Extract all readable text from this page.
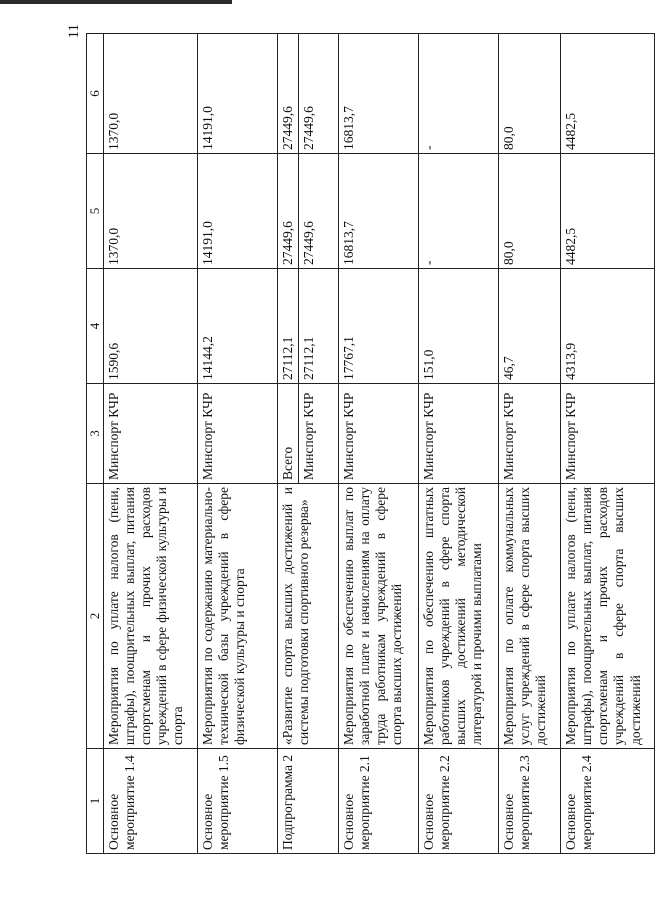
11
1	2	3	4	5	6
Основное мероприятие 1.4	Мероприятия по уплате налогов (пени, штрафы), поощрительных выплат, питания спортсменам и прочих расходов учреждений в сфере физической культуры и спорта	Минспорт КЧР	1590,6	1370,0	1370,0
Основное мероприятие 1.5	Мероприятия по содержанию материально-технической базы учреждений в сфере физической культуры и спорта	Минспорт КЧР	14144,2	14191,0	14191,0
Подпрограмма 2	«Развитие спорта высших достижений и системы подготовки спортивного резерва»	Всего	27112,1	27449,6	27449,6
		Минспорт КЧР	27112,1	27449,6	27449,6
Основное мероприятие 2.1	Мероприятия по обеспечению выплат по заработной плате и начислениям на оплату труда работникам учреждений в сфере спорта высших достижений	Минспорт КЧР	17767,1	16813,7	16813,7
Основное мероприятие 2.2	Мероприятия по обеспечению штатных работников учреждений в сфере спорта высших достижений методической литературой и прочими выплатами	Минспорт КЧР	151,0	-	-
Основное мероприятие 2.3	Мероприятия по оплате коммунальных услуг учреждений в сфере спорта высших достижений	Минспорт КЧР	46,7	80,0	80,0
Основное мероприятие 2.4	Мероприятия по уплате налогов (пени, штрафы), поощрительных выплат, питания спортсменам и прочих расходов учреждений в сфере спорта высших достижений	Минспорт КЧР	4313,9	4482,5	4482,5
